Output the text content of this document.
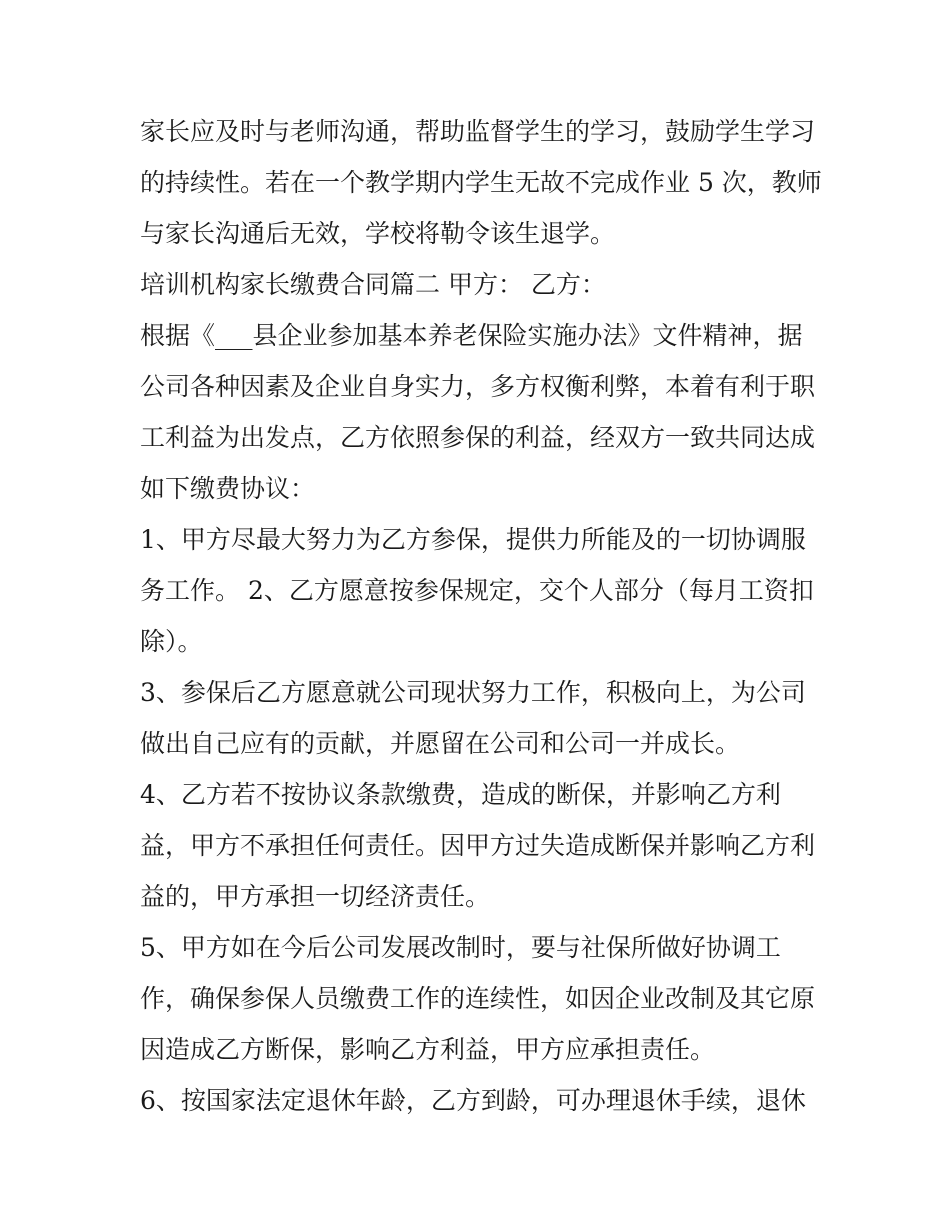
家长应及时与老师沟通，帮助监督学生的学习，鼓励学生学习
的持续性。若在一个教学期内学生无故不完成作业 5 次，教师
与家长沟通后无效，学校将勒令该生退学。
培训机构家长缴费合同篇二 甲方： 乙方：
根据《___县企业参加基本养老保险实施办法》文件精神，据
公司各种因素及企业自身实力，多方权衡利弊，本着有利于职
工利益为出发点，乙方依照参保的利益，经双方一致共同达成
如下缴费协议：
1、甲方尽最大努力为乙方参保，提供力所能及的一切协调服
务工作。 2、乙方愿意按参保规定，交个人部分（每月工资扣
除）。
3、参保后乙方愿意就公司现状努力工作，积极向上，为公司
做出自己应有的贡献，并愿留在公司和公司一并成长。
4、乙方若不按协议条款缴费，造成的断保，并影响乙方利
益，甲方不承担任何责任。因甲方过失造成断保并影响乙方利
益的，甲方承担一切经济责任。
5、甲方如在今后公司发展改制时，要与社保所做好协调工
作，确保参保人员缴费工作的连续性，如因企业改制及其它原
因造成乙方断保，影响乙方利益，甲方应承担责任。
6、按国家法定退休年龄，乙方到龄，可办理退休手续，退休
